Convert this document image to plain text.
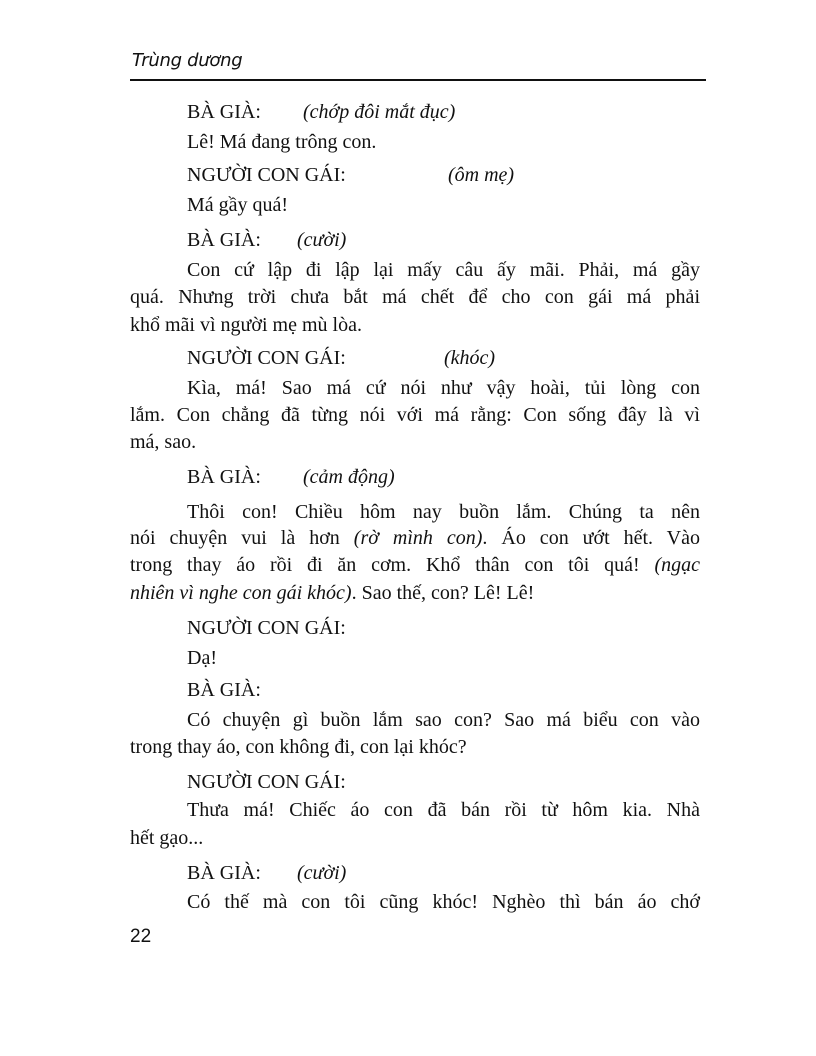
Trùng dương
BÀ GIÀ: (chớp đôi mắt đục)
Lê! Má đang trông con.
NGƯỜI CON GÁI:	(ôm mẹ)
Má gầy quá!
BÀ GIÀ: (cười)
Con cứ lập đi lập lại mấy câu ấy mãi. Phải, má gầy
quá. Nhưng trời chưa bắt má chết để cho con gái má phải
khổ mãi vì người mẹ mù lòa.
NGƯỜI CON GÁI:	(khóc)
Kìa, má! Sao má cứ nói như vậy hoài, tủi lòng con
lắm. Con chẳng đã từng nói với má rằng: Con sống đây là vì
má, sao.
BÀ GIÀ: (cảm động)
Thôi con! Chiều hôm nay buồn lắm. Chúng ta nên
nói chuyện vui là hơn (rờ mình con). Áo con ướt hết. Vào
trong thay áo rồi đi ăn cơm. Khổ thân con tôi quá! (ngạc
nhiên vì nghe con gái khóc). Sao thế, con? Lê! Lê!
NGƯỜI CON GÁI:
Dạ!
BÀ GIÀ:
Có chuyện gì buồn lắm sao con? Sao má biểu con vào
trong thay áo, con không đi, con lại khóc?
NGƯỜI CON GÁI:
Thưa má! Chiếc áo con đã bán rồi từ hôm kia. Nhà
hết gạo...
BÀ GIÀ: (cười)
Có thế mà con tôi cũng khóc! Nghèo thì bán áo chớ
22
